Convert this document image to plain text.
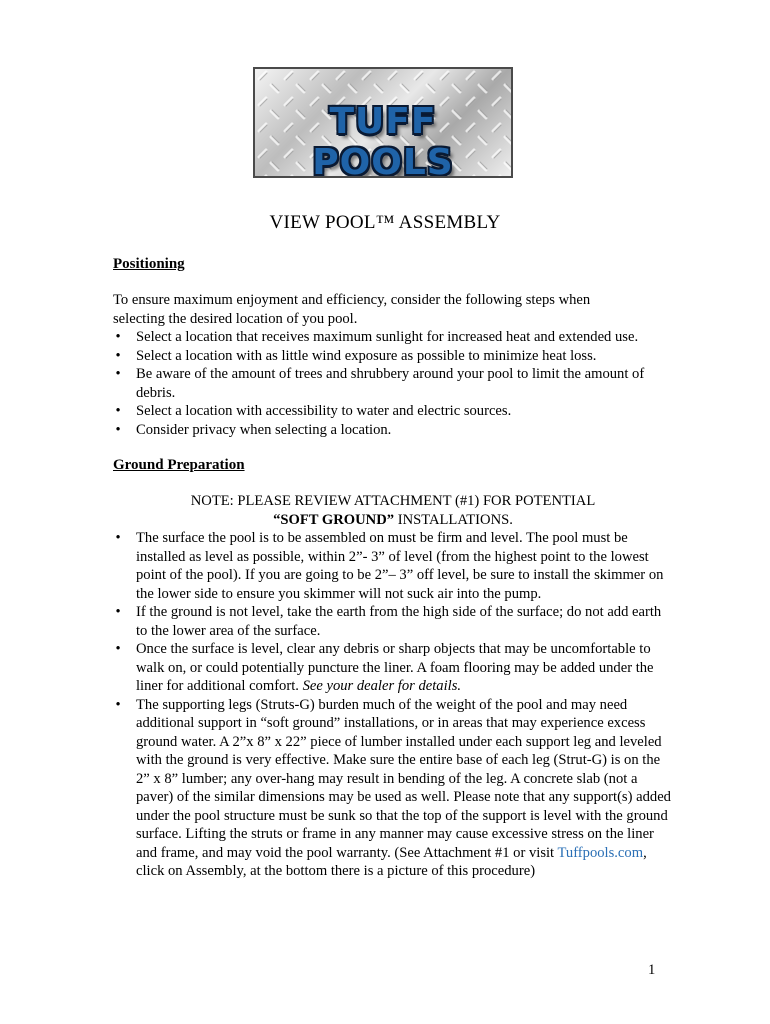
TUFF POOLS
VIEW POOL™ ASSEMBLY
Positioning

To ensure maximum enjoyment and efficiency, consider the following steps when

selecting the desired location of you pool.

• Select a location that receives maximum sunlight for increased heat and extended use.
• Select a location with as little wind exposure as possible to minimize heat loss.
• Be aware of the amount of trees and shrubbery around your pool to limit the amount of debris.
• Select a location with accessibility to water and electric sources.
• Consider privacy when selecting a location.
Ground Preparation
NOTE: PLEASE REVIEW ATTACHMENT (#1) FOR POTENTIAL “SOFT GROUND” INSTALLATIONS.
• The surface the pool is to be assembled on must be firm and level. The pool must be installed as level as possible, within 2”- 3” of level (from the highest point to the lowest point of the pool). If you are going to be 2”– 3” off level, be sure to install the skimmer on the lower side to ensure you skimmer will not suck air into the pump.
• If the ground is not level, take the earth from the high side of the surface; do not add earth to the lower area of the surface.
• Once the surface is level, clear any debris or sharp objects that may be uncomfortable to walk on, or could potentially puncture the liner. A foam flooring may be added under the liner for additional comfort. See your dealer for details.
• The supporting legs (Struts-G) burden much of the weight of the pool and may need additional support in “soft ground” installations, or in areas that may experience excess ground water. A 2”x 8” x 22” piece of lumber installed under each support leg and leveled with the ground is very effective. Make sure the entire base of each leg (Strut-G) is on the 2” x 8” lumber; any over-hang may result in bending of the leg. A concrete slab (not a paver) of the similar dimensions may be used as well. Please note that any support(s) added under the pool structure must be sunk so that the top of the support is level with the ground surface. Lifting the struts or frame in any manner may cause excessive stress on the liner and frame, and may void the pool warranty. (See Attachment #1 or visit Tuffpools.com, click on Assembly, at the bottom there is a picture of this procedure)
1
